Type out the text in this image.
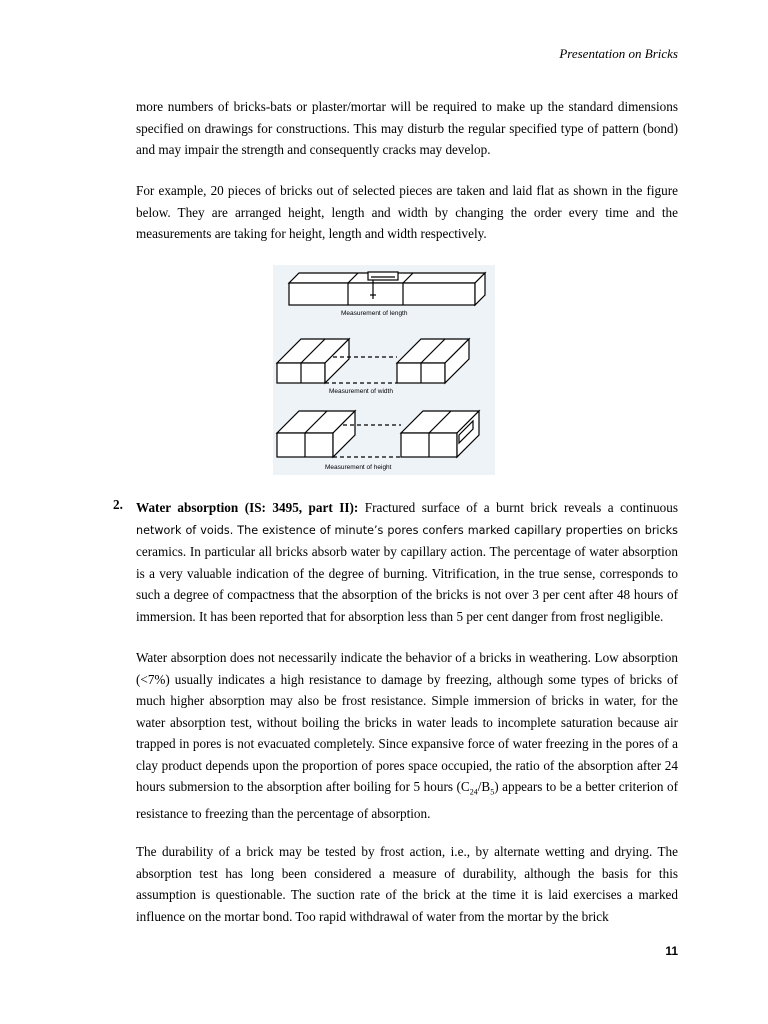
Presentation on Bricks

more numbers of bricks-bats or plaster/mortar will be required to make up the standard dimensions specified on drawings for constructions. This may disturb the regular specified type of pattern (bond) and may impair the strength and consequently cracks may develop.

For example, 20 pieces of bricks out of selected pieces are taken and laid flat as shown in the figure below. They are arranged height, length and width by changing the order every time and the measurements are taking for height, length and width respectively.

Measurement of length
Measurement of width
Measurement of height
2. Water absorption (IS: 3495, part II): Fractured surface of a burnt brick reveals a continuous network of voids. The existence of minute’s pores confers marked capillary properties on bricks ceramics. In particular all bricks absorb water by capillary action. The percentage of water absorption is a very valuable indication of the degree of burning. Vitrification, in the true sense, corresponds to such a degree of compactness that the absorption of the bricks is not over 3 per cent after 48 hours of immersion. It has been reported that for absorption less than 5 per cent danger from frost negligible.

Water absorption does not necessarily indicate the behavior of a bricks in weathering. Low absorption (<7%) usually indicates a high resistance to damage by freezing, although some types of bricks of much higher absorption may also be frost resistance. Simple immersion of bricks in water, for the water absorption test, without boiling the bricks in water leads to incomplete saturation because air trapped in pores is not evacuated completely. Since expansive force of water freezing in the pores of a clay product depends upon the proportion of pores space occupied, the ratio of the absorption after 24 hours submersion to the absorption after boiling for 5 hours $(C_{24}/B_5)$ appears to be a better criterion of resistance to freezing than the percentage of absorption.

The durability of a brick may be tested by frost action, i.e., by alternate wetting and drying. The absorption test has long been considered a measure of durability, although the basis for this assumption is questionable. The suction rate of the brick at the time it is laid exercises a marked influence on the mortar bond. Too rapid withdrawal of water from the mortar by the brick

11
